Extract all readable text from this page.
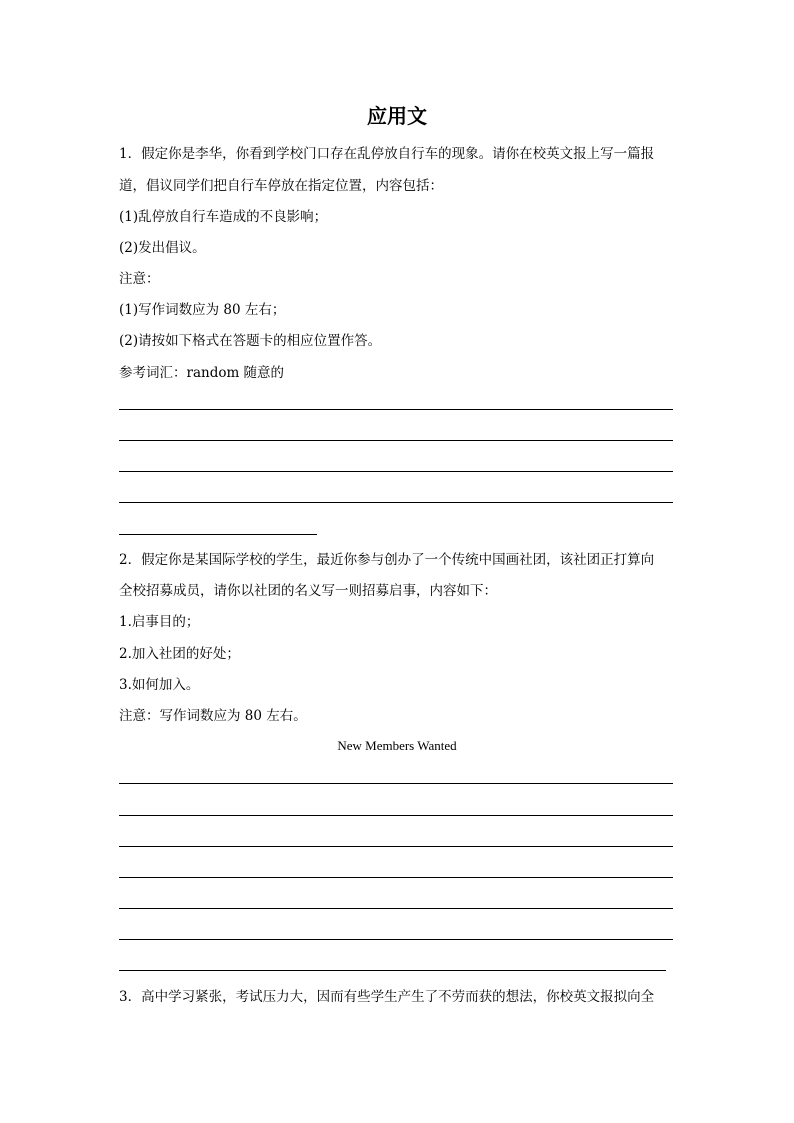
应用文
1．假定你是李华，你看到学校门口存在乱停放自行车的现象。请你在校英文报上写一篇报
道，倡议同学们把自行车停放在指定位置，内容包括：
(1)乱停放自行车造成的不良影响；
(2)发出倡议。
注意：
(1)写作词数应为 80 左右；
(2)请按如下格式在答题卡的相应位置作答。
参考词汇：random 随意的
2．假定你是某国际学校的学生，最近你参与创办了一个传统中国画社团，该社团正打算向
全校招募成员，请你以社团的名义写一则招募启事，内容如下：
1.启事目的；
2.加入社团的好处；
3.如何加入。
注意：写作词数应为 80 左右。
New Members Wanted
3．高中学习紧张，考试压力大，因而有些学生产生了不劳而获的想法，你校英文报拟向全
